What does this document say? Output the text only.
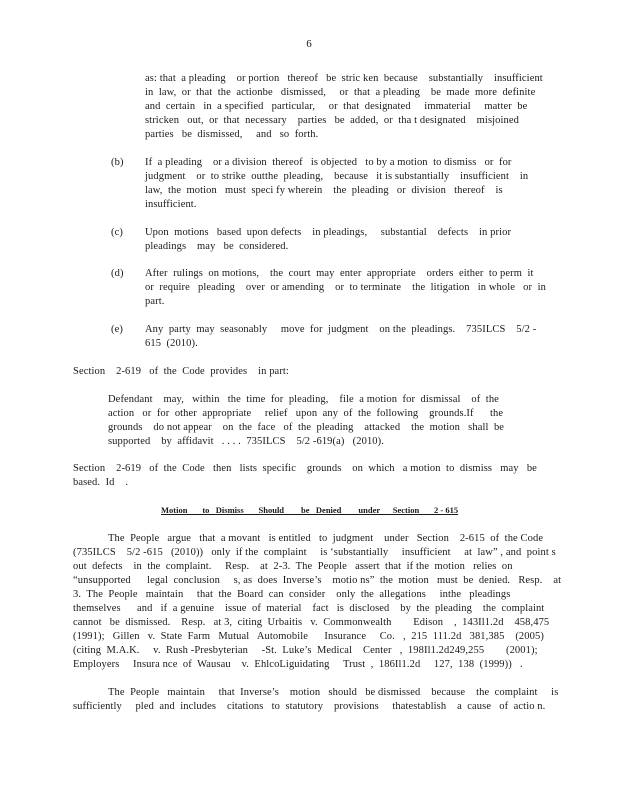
6
as: that  a pleading    or portion   thereof   be  stric ken  because    substantially    insufficient
in  law,  or  that  the  actionbe   dismissed,     or  that  a pleading    be  made  more  definite
and  certain   in  a specified   particular,     or  that  designated     immaterial     matter  be
stricken   out,  or  that  necessary    parties   be  added,  or  tha t designated    misjoined
parties   be  dismissed,     and   so  forth.
(b) If  a pleading    or a division  thereof   is objected   to by a motion  to dismiss   or  for
judgment    or  to strike  outthe  pleading,    because   it is substantially    insufficient    in
law,  the  motion   must  speci fy wherein    the  pleading   or  division   thereof    is
insufficient.
(c) Upon  motions   based  upon defects    in pleadings,     substantial    defects    in prior
pleadings    may   be  considered.
(d) After  rulings  on motions,    the  court  may  enter  appropriate    orders  either  to perm  it
or  require   pleading    over  or amending    or  to terminate    the  litigation   in whole   or  in
part.
(e) Any  party  may  seasonably     move  for  judgment    on the  pleadings.    735ILCS    5/2 -
615  (2010).
Section    2-619   of  the  Code  provides    in part:
Defendant    may,   within   the  time  for  pleading,    file  a motion  for  dismissal    of  the
action   or  for  other  appropriate     relief   upon  any  of  the  following    grounds.If      the
grounds    do not appear    on  the  face   of  the  pleading    attacked    the  motion   shall  be
supported    by  affidavit   . . . .  735ILCS    5/2 -619(a)   (2010).
Section    2-619   of  the  Code   then   lists  specific    grounds    on  which   a motion  to  dismiss   may   be
based.  Id    .
Motion       to   Dismiss       Should        be   Denied        under      Section       2 - 615
The  People   argue   that  a movant   is entitled   to  judgment    under   Section    2-615  of  the Code
(735ILCS    5/2 -615   (2010))   only  if the  complaint     is ‘substantially     insufficient     at  law” , and  point s
out  defects    in  the  complaint.     Resp.    at  2-3.  The  People   assert  that  if the  motion   relies  on
“unsupported      legal  conclusion     s, as  does  Inverse’s    motio ns”  the  motion   must  be  denied.   Resp.    at
3.  The  People   maintain     that  the  Board  can  consider    only  the  allegations     inthe   pleadings
themselves      and   if  a genuine    issue  of  material    fact   is  disclosed    by  the  pleading    the  complaint
cannot   be  dismissed.    Resp.   at 3,  citing  Urbaitis   v.  Commonwealth        Edison    ,  143Il1.2d    458,475
(1991);   Gillen   v.  State  Farm   Mutual   Automobile      Insurance     Co.   ,  215  111.2d   381,385    (2005)
(citing  M.A.K.     v.  Rush -Presbyterian     -St.  Luke’s  Medical    Center   ,  198Il1.2d249,255        (2001);
Employers     Insura nce  of  Wausau    v.  EhlcoLiguidating     Trust  ,  186Il1.2d     127,  138  (1999))   .
The  People   maintain     that  Inverse’s    motion   should   be dismissed    because    the  complaint     is
sufficiently     pled  and  includes    citations   to  statutory    provisions     thatestablish    a  cause   of  actio n.
